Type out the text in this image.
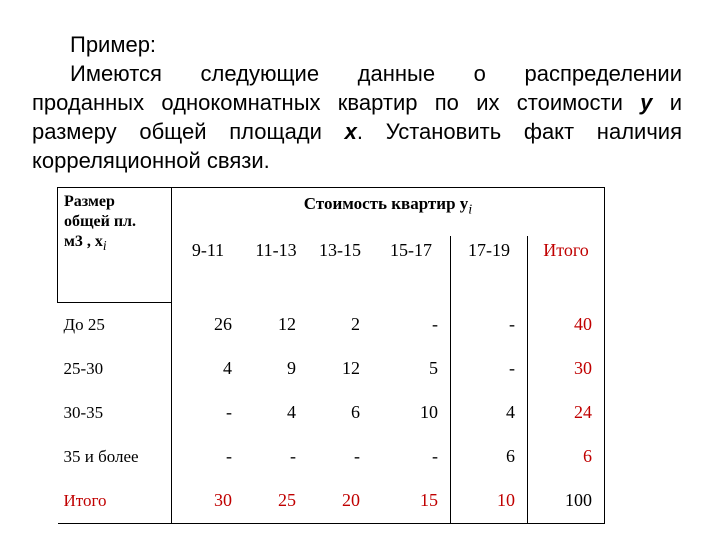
Пример:
Имеются следующие данные о распределении
проданных однокомнатных квартир по их стоимости y и
размеру общей площади x. Установить факт наличия
корреляционной связи.
Размер
общей пл.
м3 , $x_i$	Стоимость квартир $y_i$
	9-11	11-13	13-15	15-17	17-19	Итого
До 25	26	12	2	-	-	40
25-30	4	9	12	5	-	30
30-35	-	4	6	10	4	24
35 и более	-	-	-	-	6	6
Итого	30	25	20	15	10	100
